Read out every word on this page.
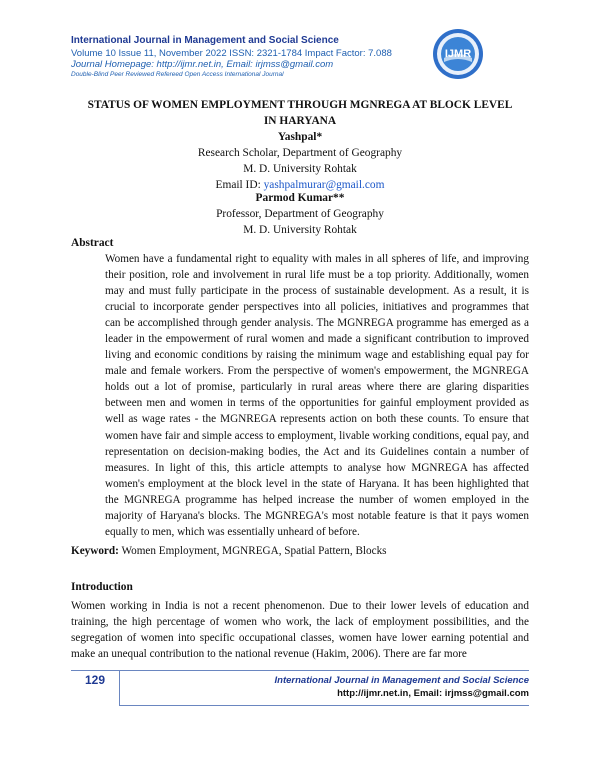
International Journal in Management and Social Science
Volume 10 Issue 11, November 2022 ISSN: 2321-1784 Impact Factor: 7.088
Journal Homepage: http://ijmr.net.in, Email: irjmss@gmail.com
Double-Blind Peer Reviewed Refereed Open Access International Journal
IJMR
STATUS OF WOMEN EMPLOYMENT THROUGH MGNREGA AT BLOCK LEVEL
IN HARYANA
Yashpal*
Research Scholar, Department of Geography
M. D. University Rohtak
Email ID: yashpalmurar@gmail.com
Parmod Kumar**
Professor, Department of Geography
M. D. University Rohtak
Abstract
Women have a fundamental right to equality with males in all spheres of life, and improving their position, role and involvement in rural life must be a top priority. Additionally, women may and must fully participate in the process of sustainable development. As a result, it is crucial to incorporate gender perspectives into all policies, initiatives and programmes that can be accomplished through gender analysis. The MGNREGA programme has emerged as a leader in the empowerment of rural women and made a significant contribution to improved living and economic conditions by raising the minimum wage and establishing equal pay for male and female workers. From the perspective of women's empowerment, the MGNREGA holds out a lot of promise, particularly in rural areas where there are glaring disparities between men and women in terms of the opportunities for gainful employment provided as well as wage rates - the MGNREGA represents action on both these counts. To ensure that women have fair and simple access to employment, livable working conditions, equal pay, and representation on decision-making bodies, the Act and its Guidelines contain a number of measures. In light of this, this article attempts to analyse how MGNREGA has affected women's employment at the block level in the state of Haryana. It has been highlighted that the MGNREGA programme has helped increase the number of women employed in the majority of Haryana's blocks. The MGNREGA's most notable feature is that it pays women equally to men, which was essentially unheard of before.
Keyword: Women Employment, MGNREGA, Spatial Pattern, Blocks
Introduction
Women working in India is not a recent phenomenon. Due to their lower levels of education and training, the high percentage of women who work, the lack of employment possibilities, and the segregation of women into specific occupational classes, women have lower earning potential and make an unequal contribution to the national revenue (Hakim, 2006). There are far more
129	International Journal in Management and Social Science
http://ijmr.net.in, Email: irjmss@gmail.com
